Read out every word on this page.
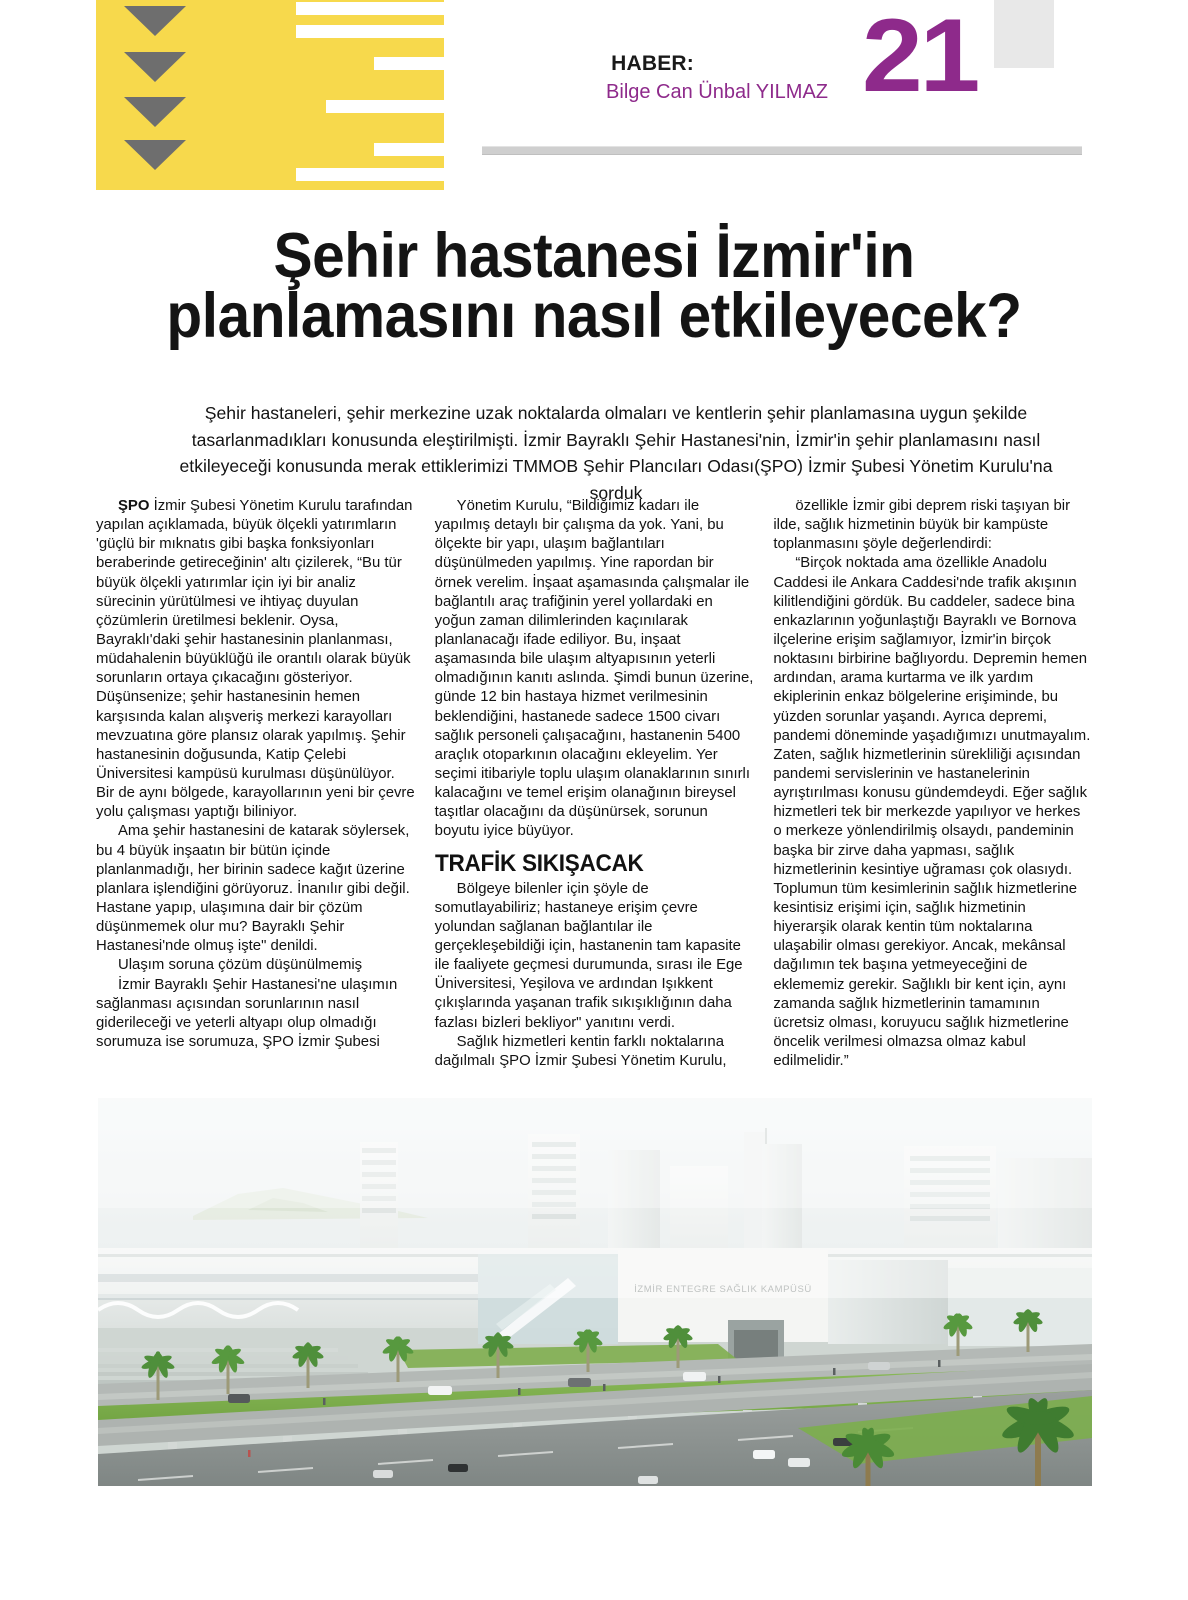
HABER:
Bilge Can Ünbal YILMAZ 21
Şehir hastanesi İzmir'in
planlamasını nasıl etkileyecek?
Şehir hastaneleri, şehir merkezine uzak noktalarda olmaları ve kentlerin şehir planlamasına uygun şekilde tasarlanmadıkları konusunda eleştirilmişti. İzmir Bayraklı Şehir Hastanesi'nin, İzmir'in şehir planlamasını nasıl etkileyeceği konusunda merak ettiklerimizi TMMOB Şehir Plancıları Odası(ŞPO) İzmir Şubesi Yönetim Kurulu'na sorduk

ŞPO İzmir Şubesi Yönetim Kurulu tarafından yapılan açıklamada, büyük ölçekli yatırımların 'güçlü bir mıknatıs gibi başka fonksiyonları beraberinde getireceğinin' altı çizilerek, “Bu tür büyük ölçekli yatırımlar için iyi bir analiz sürecinin yürütülmesi ve ihtiyaç duyulan çözümlerin üretilmesi beklenir. Oysa, Bayraklı'daki şehir hastanesinin planlanması, müdahalenin büyüklüğü ile orantılı olarak büyük sorunların ortaya çıkacağını gösteriyor. Düşünsenize; şehir hastanesinin hemen karşısında kalan alışveriş merkezi karayolları mevzuatına göre plansız olarak yapılmış. Şehir hastanesinin doğusunda, Katip Çelebi Üniversitesi kampüsü kurulması düşünülüyor. Bir de aynı bölgede, karayollarının yeni bir çevre yolu çalışması yaptığı biliniyor.

Ama şehir hastanesini de katarak söylersek, bu 4 büyük inşaatın bir bütün içinde planlanmadığı, her birinin sadece kağıt üzerine planlara işlendiğini görüyoruz. İnanılır gibi değil. Hastane yapıp, ulaşımına dair bir çözüm düşünmemek olur mu? Bayraklı Şehir Hastanesi'nde olmuş işte" denildi.

Ulaşım soruna çözüm düşünülmemiş

İzmir Bayraklı Şehir Hastanesi'ne ulaşımın sağlanması açısından sorunlarının nasıl giderileceği ve yeterli altyapı olup olmadığı sorumuza ise sorumuza, ŞPO İzmir Şubesi

Yönetim Kurulu, “Bildiğimiz kadarı ile yapılmış detaylı bir çalışma da yok. Yani, bu ölçekte bir yapı, ulaşım bağlantıları düşünülmeden yapılmış. Yine rapordan bir örnek verelim. İnşaat aşamasında çalışmalar ile bağlantılı araç trafiğinin yerel yollardaki en yoğun zaman dilimlerinden kaçınılarak planlanacağı ifade ediliyor. Bu, inşaat aşamasında bile ulaşım altyapısının yeterli olmadığının kanıtı aslında. Şimdi bunun üzerine, günde 12 bin hastaya hizmet verilmesinin beklendiğini, hastanede sadece 1500 civarı sağlık personeli çalışacağını, hastanenin 5400 araçlık otoparkının olacağını ekleyelim. Yer seçimi itibariyle toplu ulaşım olanaklarının sınırlı kalacağını ve temel erişim olanağının bireysel taşıtlar olacağını da düşünürsek, sorunun boyutu iyice büyüyor.

TRAFİK SIKIŞACAK

Bölgeye bilenler için şöyle de somutlayabiliriz; hastaneye erişim çevre yolundan sağlanan bağlantılar ile gerçekleşebildiği için, hastanenin tam kapasite ile faaliyete geçmesi durumunda, sırası ile Ege Üniversitesi, Yeşilova ve ardından Işıkkent çıkışlarında yaşanan trafik sıkışıklığının daha fazlası bizleri bekliyor" yanıtını verdi.

Sağlık hizmetleri kentin farklı noktalarına dağılmalı ŞPO İzmir Şubesi Yönetim Kurulu,

özellikle İzmir gibi deprem riski taşıyan bir ilde, sağlık hizmetinin büyük bir kampüste toplanmasını şöyle değerlendirdi:

“Birçok noktada ama özellikle Anadolu Caddesi ile Ankara Caddesi'nde trafik akışının kilitlendiğini gördük. Bu caddeler, sadece bina enkazlarının yoğunlaştığı Bayraklı ve Bornova ilçelerine erişim sağlamıyor, İzmir'in birçok noktasını birbirine bağlıyordu. Depremin hemen ardından, arama kurtarma ve ilk yardım ekiplerinin enkaz bölgelerine erişiminde, bu yüzden sorunlar yaşandı. Ayrıca depremi, pandemi döneminde yaşadığımızı unutmayalım. Zaten, sağlık hizmetlerinin sürekliliği açısından pandemi servislerinin ve hastanelerinin ayrıştırılması konusu gündemdeydi. Eğer sağlık hizmetleri tek bir merkezde yapılıyor ve herkes o merkeze yönlendirilmiş olsaydı, pandeminin başka bir zirve daha yapması, sağlık hizmetlerinin kesintiye uğraması çok olasıydı. Toplumun tüm kesimlerinin sağlık hizmetlerine kesintisiz erişimi için, sağlık hizmetinin hiyerarşik olarak kentin tüm noktalarına ulaşabilir olması gerekiyor. Ancak, mekânsal dağılımın tek başına yetmeyeceğini de eklememiz gerekir. Sağlıklı bir kent için, aynı zamanda sağlık hizmetlerinin tamamının ücretsiz olması, koruyucu sağlık hizmetlerine öncelik verilmesi olmazsa olmaz kabul edilmelidir.”

İZMİR ENTEGRE SAĞLIK KAMPÜSÜ
